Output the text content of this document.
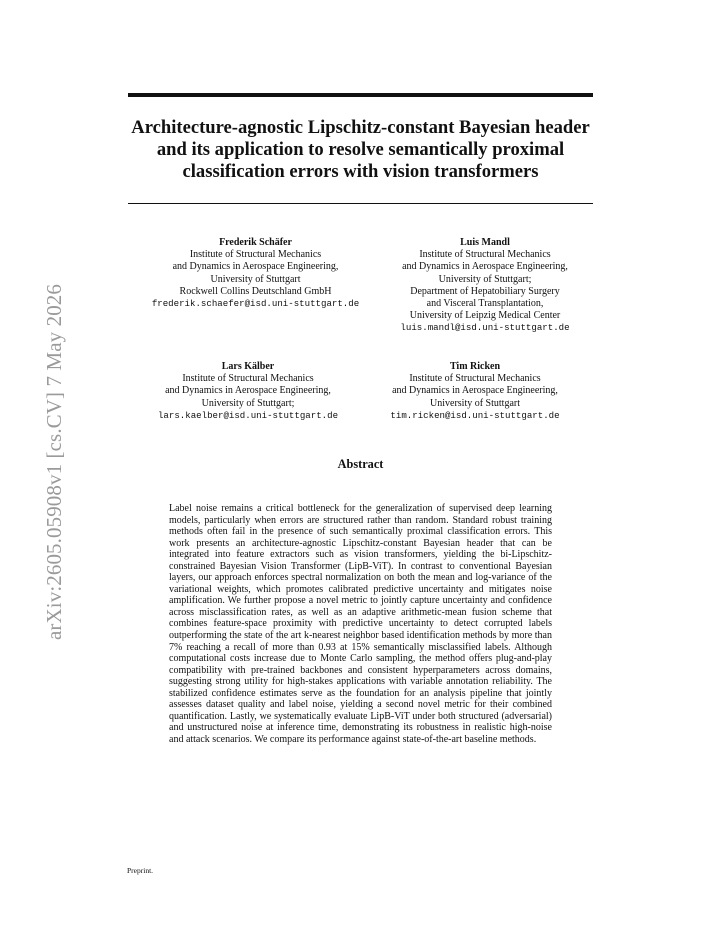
arXiv:2605.05908v1 [cs.CV] 7 May 2026
Architecture-agnostic Lipschitz-constant Bayesian header and its application to resolve semantically proximal classification errors with vision transformers
Frederik Schäfer
Institute of Structural Mechanics
and Dynamics in Aerospace Engineering,
University of Stuttgart
Rockwell Collins Deutschland GmbH
frederik.schaefer@isd.uni-stuttgart.de
Luis Mandl
Institute of Structural Mechanics
and Dynamics in Aerospace Engineering,
University of Stuttgart;
Department of Hepatobiliary Surgery
and Visceral Transplantation,
University of Leipzig Medical Center
luis.mandl@isd.uni-stuttgart.de
Lars Kälber
Institute of Structural Mechanics
and Dynamics in Aerospace Engineering,
University of Stuttgart;
lars.kaelber@isd.uni-stuttgart.de
Tim Ricken
Institute of Structural Mechanics
and Dynamics in Aerospace Engineering,
University of Stuttgart
tim.ricken@isd.uni-stuttgart.de
Abstract

Label noise remains a critical bottleneck for the generalization of supervised deep learning models, particularly when errors are structured rather than random. Standard robust training methods often fail in the presence of such semantically proximal classification errors. This work presents an architecture-agnostic Lipschitz-constant Bayesian header that can be integrated into feature extractors such as vision transformers, yielding the bi-Lipschitz-constrained Bayesian Vision Transformer (LipB-ViT). In contrast to conventional Bayesian layers, our approach enforces spectral normalization on both the mean and log-variance of the variational weights, which promotes calibrated predictive uncertainty and mitigates noise amplification. We further propose a novel metric to jointly capture uncertainty and confidence across misclassification rates, as well as an adaptive arithmetic-mean fusion scheme that combines feature-space proximity with predictive uncertainty to detect corrupted labels outperforming the state of the art k-nearest neighbor based identification methods by more than 7% reaching a recall of more than 0.93 at 15% semantically misclassified labels. Although computational costs increase due to Monte Carlo sampling, the method offers plug-and-play compatibility with pre-trained backbones and consistent hyperparameters across domains, suggesting strong utility for high-stakes applications with variable annotation reliability. The stabilized confidence estimates serve as the foundation for an analysis pipeline that jointly assesses dataset quality and label noise, yielding a second novel metric for their combined quantification. Lastly, we systematically evaluate LipB-ViT under both structured (adversarial) and unstructured noise at inference time, demonstrating its robustness in realistic high-noise and attack scenarios. We compare its performance against state-of-the-art baseline methods.

Preprint.
